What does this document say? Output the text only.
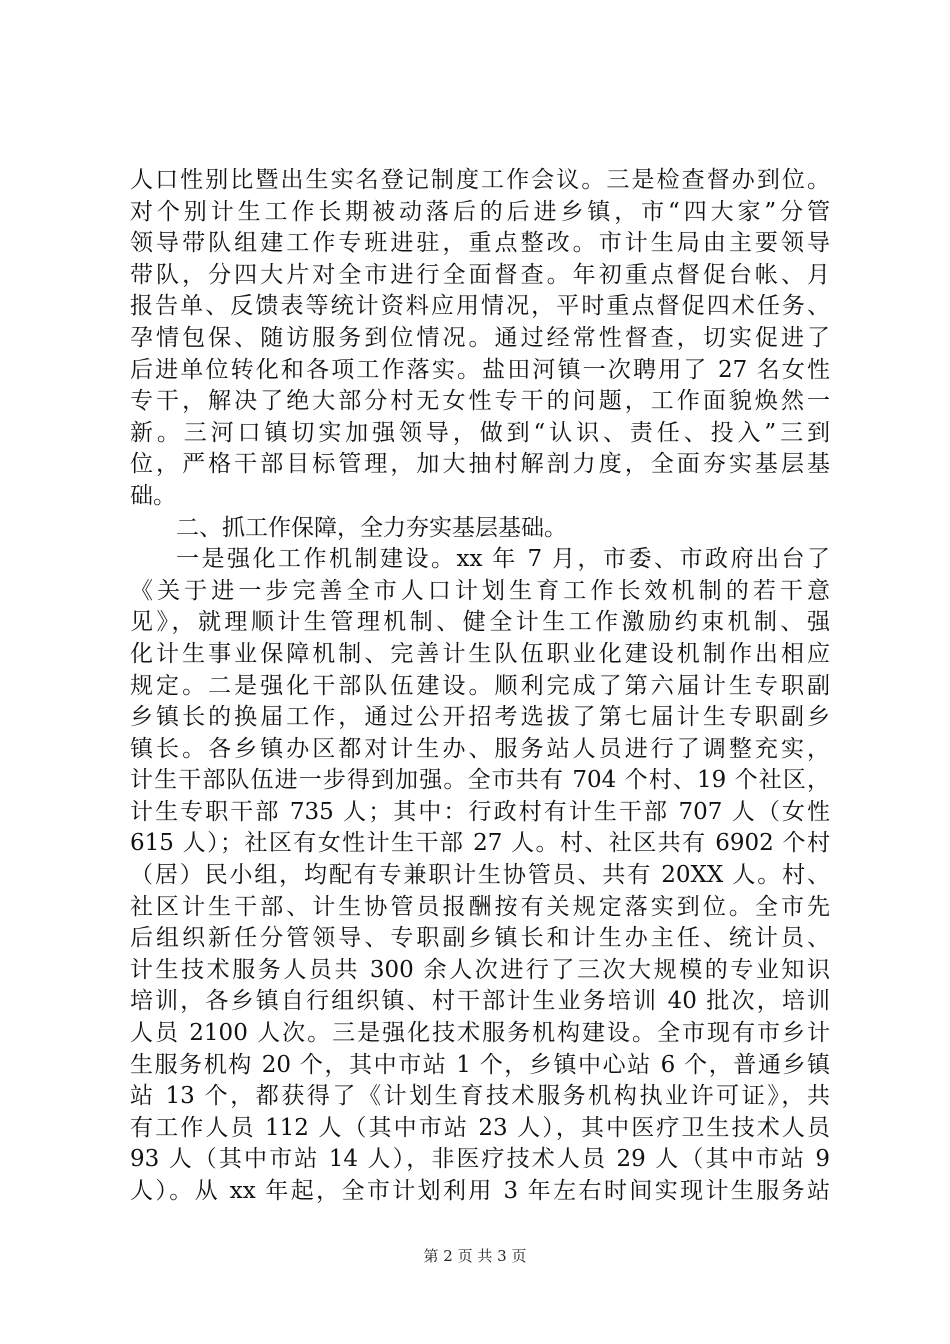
人口性别比暨出生实名登记制度工作会议。三是检查督办到位。
对个别计生工作长期被动落后的后进乡镇，市“四大家”分管
领导带队组建工作专班进驻，重点整改。市计生局由主要领导
带队，分四大片对全市进行全面督查。年初重点督促台帐、月
报告单、反馈表等统计资料应用情况，平时重点督促四术任务、
孕情包保、随访服务到位情况。通过经常性督查，切实促进了
后进单位转化和各项工作落实。盐田河镇一次聘用了 27 名女性
专干，解决了绝大部分村无女性专干的问题，工作面貌焕然一
新。三河口镇切实加强领导，做到“认识、责任、投入”三到
位，严格干部目标管理，加大抽村解剖力度，全面夯实基层基
础。
二、抓工作保障，全力夯实基层基础。
一是强化工作机制建设。xx 年 7 月，市委、市政府出台了
《关于进一步完善全市人口计划生育工作长效机制的若干意
见》，就理顺计生管理机制、健全计生工作激励约束机制、强
化计生事业保障机制、完善计生队伍职业化建设机制作出相应
规定。二是强化干部队伍建设。顺利完成了第六届计生专职副
乡镇长的换届工作，通过公开招考选拔了第七届计生专职副乡
镇长。各乡镇办区都对计生办、服务站人员进行了调整充实，
计生干部队伍进一步得到加强。全市共有 704 个村、19 个社区，
计生专职干部 735 人；其中：行政村有计生干部 707 人（女性
615 人）；社区有女性计生干部 27 人。村、社区共有 6902 个村
（居）民小组，均配有专兼职计生协管员、共有 20XX 人。村、
社区计生干部、计生协管员报酬按有关规定落实到位。全市先
后组织新任分管领导、专职副乡镇长和计生办主任、统计员、
计生技术服务人员共 300 余人次进行了三次大规模的专业知识
培训，各乡镇自行组织镇、村干部计生业务培训 40 批次，培训
人员 2100 人次。三是强化技术服务机构建设。全市现有市乡计
生服务机构 20 个，其中市站 1 个，乡镇中心站 6 个，普通乡镇
站 13 个，都获得了《计划生育技术服务机构执业许可证》，共
有工作人员 112 人（其中市站 23 人），其中医疗卫生技术人员
93 人（其中市站 14 人），非医疗技术人员 29 人（其中市站 9
人）。从 xx 年起，全市计划利用 3 年左右时间实现计生服务站
第 2 页 共 3 页
